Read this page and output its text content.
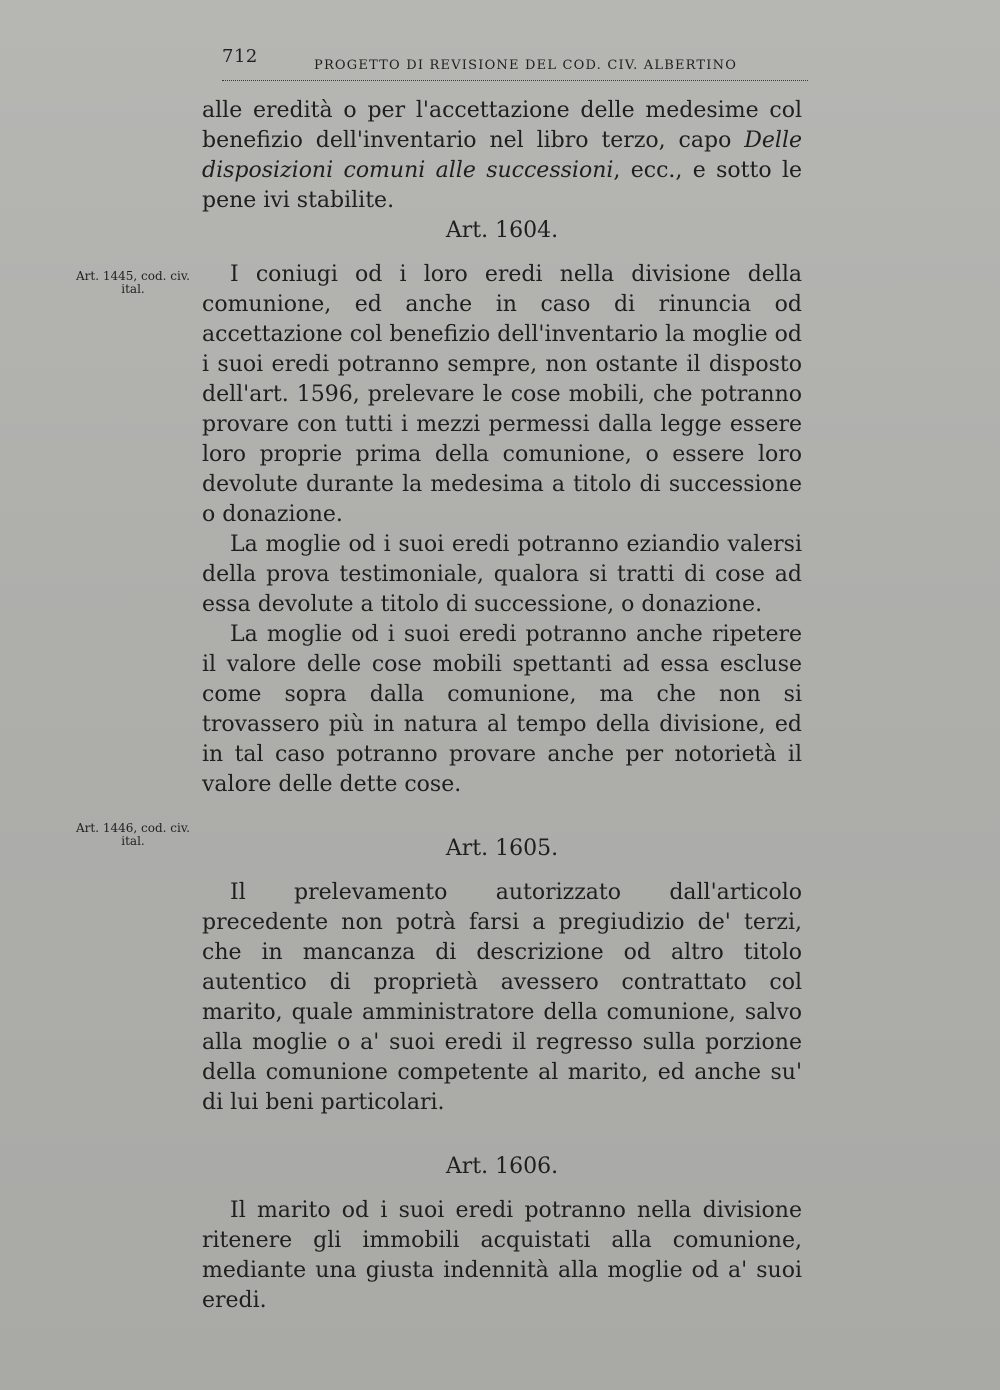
712	PROGETTO DI REVISIONE DEL COD. CIV. ALBERTINO
Art. 1445, cod. civ. ital.
Art. 1446, cod. civ. ital.

alle eredità o per l'accettazione delle medesime col benefizio dell'inventario nel libro terzo, capo Delle disposizioni comuni alle successioni, ecc., e sotto le pene ivi stabilite.

Art. 1604.

I coniugi od i loro eredi nella divisione della comunione, ed anche in caso di rinuncia od accettazione col benefizio dell'inventario la moglie od i suoi eredi potranno sempre, non ostante il disposto dell'art. 1596, prelevare le cose mobili, che potranno provare con tutti i mezzi permessi dalla legge essere loro proprie prima della comunione, o essere loro devolute durante la medesima a titolo di successione o donazione.

La moglie od i suoi eredi potranno eziandio valersi della prova testimoniale, qualora si tratti di cose ad essa devolute a titolo di successione, o donazione.

La moglie od i suoi eredi potranno anche ripetere il valore delle cose mobili spettanti ad essa escluse come sopra dalla comunione, ma che non si trovassero più in natura al tempo della divisione, ed in tal caso potranno provare anche per notorietà il valore delle dette cose.

Art. 1605.

Il prelevamento autorizzato dall'articolo precedente non potrà farsi a pregiudizio de' terzi, che in mancanza di descrizione od altro titolo autentico di proprietà avessero contrattato col marito, quale amministratore della comunione, salvo alla moglie o a' suoi eredi il regresso sulla porzione della comunione competente al marito, ed anche su' di lui beni particolari.

Art. 1606.

Il marito od i suoi eredi potranno nella divisione ritenere gli immobili acquistati alla comunione, mediante una giusta indennità alla moglie od a' suoi eredi.
